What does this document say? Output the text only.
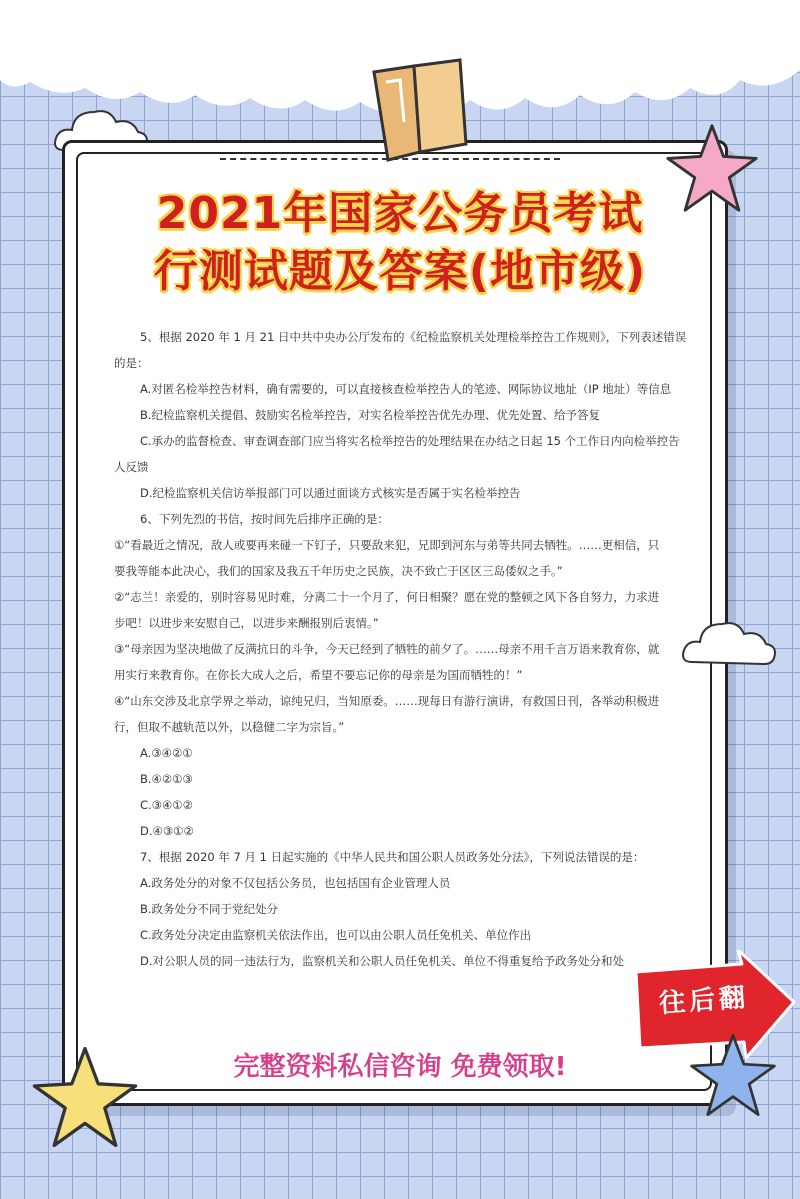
2021年国家公务员考试
行测试题及答案(地市级)

5、根据 2020 年 1 月 21 日中共中央办公厅发布的《纪检监察机关处理检举控告工作规则》，下列表述错误

的是：

A.对匿名检举控告材料，确有需要的，可以直接核查检举控告人的笔迹、网际协议地址（IP 地址）等信息

B.纪检监察机关提倡、鼓励实名检举控告，对实名检举控告优先办理、优先处置、给予答复

C.承办的监督检查、审查调查部门应当将实名检举控告的处理结果在办结之日起 15 个工作日内向检举控告

人反馈

D.纪检监察机关信访举报部门可以通过面谈方式核实是否属于实名检举控告

6、下列先烈的书信，按时间先后排序正确的是：

①“看最近之情况，敌人或要再来碰一下钉子，只要敌来犯，兄即到河东与弟等共同去牺牲。……更相信，只

要我等能本此决心，我们的国家及我五千年历史之民族，决不致亡于区区三岛倭奴之手。”

②“志兰！亲爱的，别时容易见时难，分离二十一个月了，何日相聚？愿在党的整顿之风下各自努力，力求进

步吧！以进步来安慰自己，以进步来酬报别后衷情。”

③“母亲因为坚决地做了反满抗日的斗争，今天已经到了牺牲的前夕了。……母亲不用千言万语来教育你，就

用实行来教育你。在你长大成人之后，希望不要忘记你的母亲是为国而牺牲的！”

④“山东交涉及北京学界之举动，谅纯兄归，当知原委。……现每日有游行演讲，有救国日刊，各举动积极进

行，但取不越轨范以外，以稳健二字为宗旨。”

A.③④②①

B.④②①③

C.③④①②

D.④③①②

7、根据 2020 年 7 月 1 日起实施的《中华人民共和国公职人员政务处分法》，下列说法错误的是：

A.政务处分的对象不仅包括公务员，也包括国有企业管理人员

B.政务处分不同于党纪处分

C.政务处分决定由监察机关依法作出，也可以由公职人员任免机关、单位作出

D.对公职人员的同一违法行为，监察机关和公职人员任免机关、单位不得重复给予政务处分和处

往后翻

完整资料私信咨询 免费领取!
